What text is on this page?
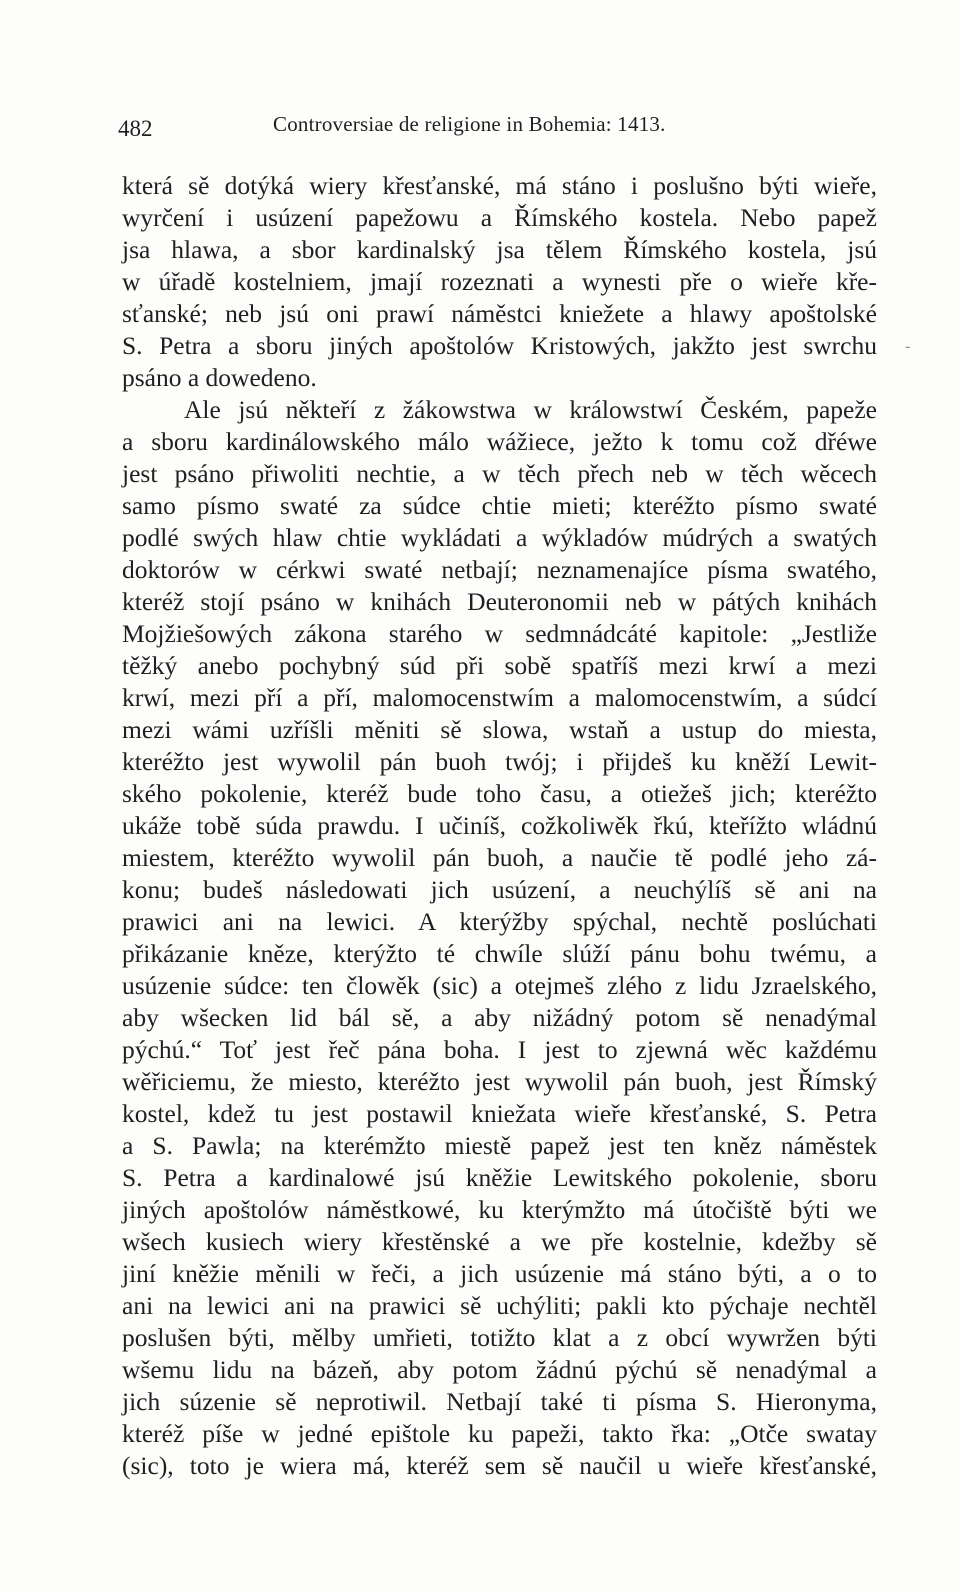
482	Controversiae de religione in Bohemia: 1413.
která sě dotýká wiery křesťanské, má stáno i poslušno býti wieře,
wyrčení i usúzení papežowu a Římského kostela. Nebo papež
jsa hlawa, a sbor kardinalský jsa tělem Římského kostela, jsú
w úřadě kostelniem, jmají rozeznati a wynesti pře o wieře kře-
sťanské; neb jsú oni prawí náměstci kniežete a hlawy apoštolské
S. Petra a sboru jiných apoštolów Kristowých, jakžto jest swrchu
psáno a dowedeno.
Ale jsú někteří z žákowstwa w králowstwí Českém, papeže
a sboru kardinálowského málo wážiece, ježto k tomu což dřéwe
jest psáno přiwoliti nechtie, a w těch přech neb w těch wěcech
samo písmo swaté za súdce chtie mieti; kteréžto písmo swaté
podlé swých hlaw chtie wykládati a wýkladów múdrých a swatých
doktorów w cérkwi swaté netbají; neznamenajíce písma swatého,
kteréž stojí psáno w knihách Deuteronomii neb w pátých knihách
Mojžiešowých zákona starého w sedmnádcáté kapitole: „Jestliže
těžký anebo pochybný súd při sobě spatříš mezi krwí a mezi
krwí, mezi pří a pří, malomocenstwím a malomocenstwím, a súdcí
mezi wámi uzříšli měniti sě slowa, wstaň a ustup do miesta,
kteréžto jest wywolil pán buoh twój; i přijdeš ku kněží Lewit-
ského pokolenie, kteréž bude toho času, a otiežeš jich; kteréžto
ukáže tobě súda prawdu. I učiníš, cožkoliwěk řkú, kteřížto wládnú
miestem, kteréžto wywolil pán buoh, a naučie tě podlé jeho zá-
konu; budeš následowati jich usúzení, a neuchýlíš sě ani na
prawici ani na lewici. A kterýžby spýchal, nechtě poslúchati
přikázanie kněze, kterýžto té chwíle slúží pánu bohu twému, a
usúzenie súdce: ten člowěk (sic) a otejmeš zlého z lidu Jzraelského,
aby wšecken lid bál sě, a aby nižádný potom sě nenadýmal
pýchú.“ Toť jest řeč pána boha. I jest to zjewná wěc každému
wěřiciemu, že miesto, kteréžto jest wywolil pán buoh, jest Římský
kostel, kdež tu jest postawil kniežata wieře křesťanské, S. Petra
a S. Pawla; na kterémžto miestě papež jest ten kněz náměstek
S. Petra a kardinalowé jsú kněžie Lewitského pokolenie, sboru
jiných apoštolów náměstkowé, ku kterýmžto má útočiště býti we
wšech kusiech wiery křestěnské a we pře kostelnie, kdežby sě
jiní kněžie měnili w řeči, a jich usúzenie má stáno býti, a o to
ani na lewici ani na prawici sě uchýliti; pakli kto pýchaje nechtěl
poslušen býti, mělby umřieti, totižto klat a z obcí wywržen býti
wšemu lidu na bázeň, aby potom žádnú pýchú sě nenadýmal a
jich súzenie sě neprotiwil. Netbají také ti písma S. Hieronyma,
kteréž píše w jedné epištole ku papeži, takto řka: „Otče swatay
(sic), toto je wiera má, kteréž sem sě naučil u wieře křesťanské,
-
